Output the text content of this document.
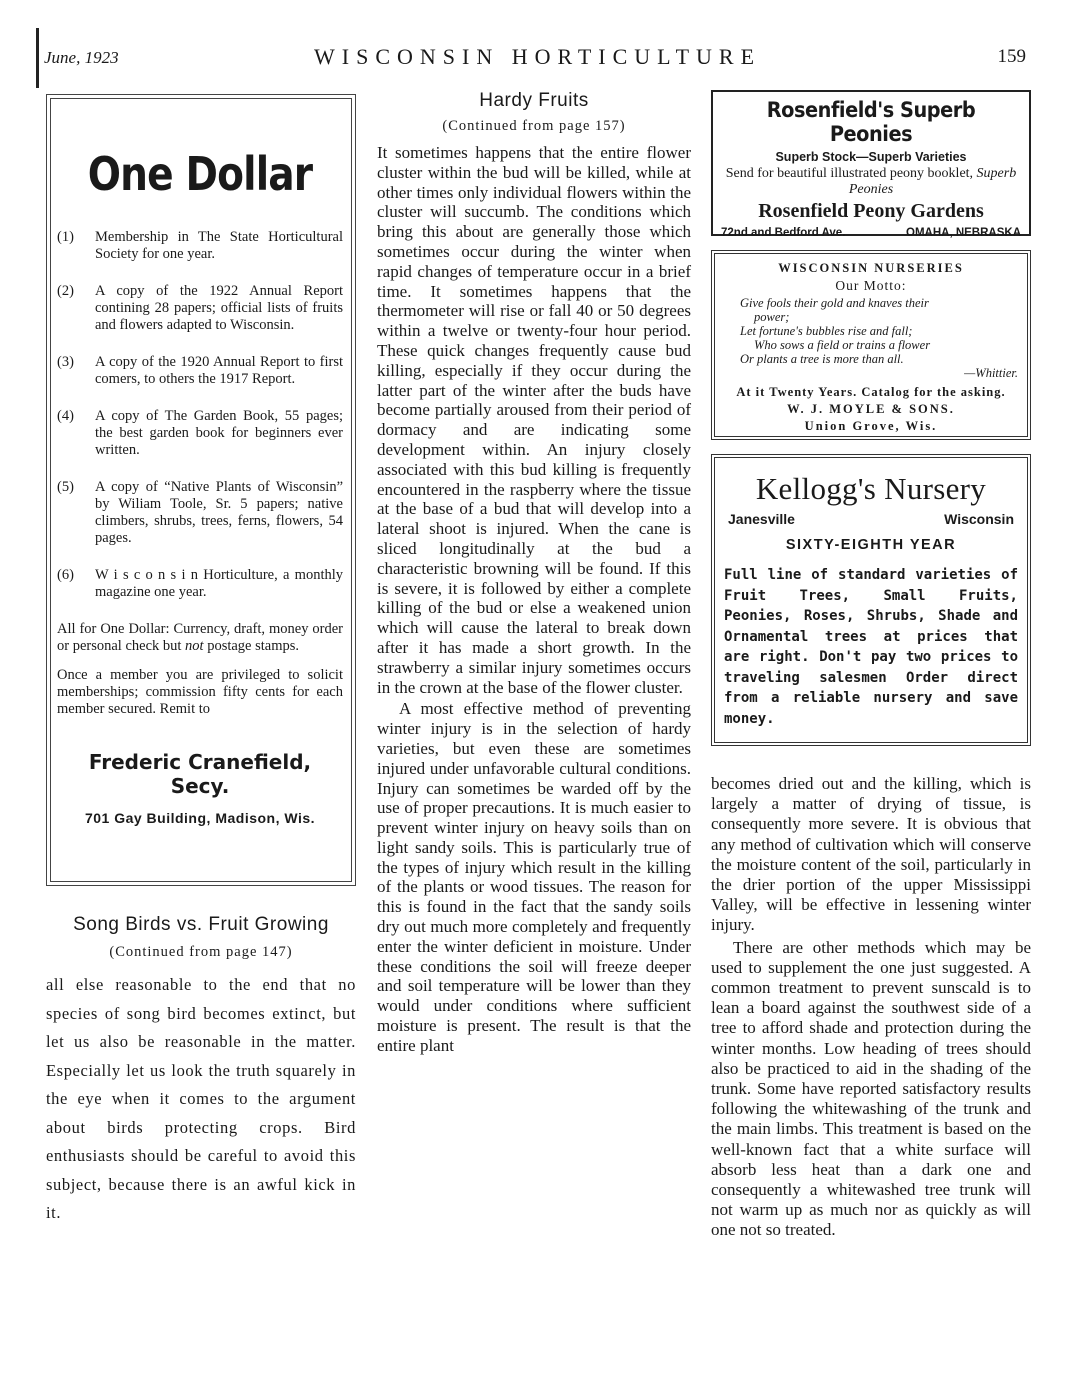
June, 1923	WISCONSIN HORTICULTURE	159
One Dollar
(1)	Membership in The State Horticultural Society for one year.
(2)	A copy of the 1922 Annual Report contining 28 papers; official lists of fruits and flowers adapted to Wisconsin.
(3)	A copy of the 1920 Annual Report to first comers, to others the 1917 Report.
(4)	A copy of The Garden Book, 55 pages; the best garden book for beginners ever written.
(5)	A copy of “Native Plants of Wisconsin” by Wiliam Toole, Sr. 5 papers; native climbers, shrubs, trees, ferns, flowers, 54 pages.
(6)	W i s c o n s i n Horticulture, a monthly magazine one year.

All for One Dollar: Currency, draft, money order or personal check but not postage stamps.

Once a member you are privileged to solicit memberships; commission fifty cents for each member secured. Remit to

Frederic Cranefield, Secy.
701 Gay Building, Madison, Wis.
Song Birds vs. Fruit Growing
(Continued from page 147)
all else reasonable to the end that no species of song bird becomes extinct, but let us also be reasonable in the matter. Especially let us look the truth squarely in the eye when it comes to the argument about birds protecting crops. Bird enthusiasts should be careful to avoid this subject, because there is an awful kick in it.
Hardy Fruits
(Continued from page 157)

It sometimes happens that the entire flower cluster within the bud will be killed, while at other times only individual flowers within the cluster will succumb. The conditions which bring this about are generally those which sometimes occur during the winter when rapid changes of temperature occur in a brief time. It sometimes happens that the thermometer will rise or fall 40 or 50 degrees within a twelve or twenty-four hour period. These quick changes frequently cause bud killing, especially if they occur during the latter part of the winter after the buds have become partially aroused from their period of dormacy and are indicating some development within. An injury closely associated with this bud killing is frequently encountered in the raspberry where the tissue at the base of a bud that will develop into a lateral shoot is injured. When the cane is sliced longitudinally at the bud a characteristic browning will be found. If this is severe, it is followed by either a complete killing of the bud or else a weakened union which will cause the lateral to break down after it has made a short growth. In the strawberry a similar injury sometimes occurs in the crown at the base of the flower cluster.

A most effective method of preventing winter injury is in the selection of hardy varieties, but even these are sometimes injured under unfavorable cultural conditions. Injury can sometimes be warded off by the use of proper precautions. It is much easier to prevent winter injury on heavy soils than on light sandy soils. This is particularly true of the types of injury which result in the killing of the plants or wood tissues. The reason for this is found in the fact that the sandy soils dry out much more completely and frequently enter the winter deficient in moisture. Under these conditions the soil will freeze deeper and soil temperature will be lower than they would under conditions where sufficient moisture is present. The result is that the entire plant

Rosenfield's Superb Peonies
Superb Stock—Superb Varieties
Send for beautiful illustrated peony booklet, Superb Peonies
Rosenfield Peony Gardens
72nd and Bedford Ave.	OMAHA, NEBRASKA
WISCONSIN NURSERIES
Our Motto:
Give fools their gold and knaves their
power;
Let fortune's bubbles rise and fall;
Who sows a field or trains a flower
Or plants a tree is more than all.
—Whittier.
At it Twenty Years. Catalog for the asking.
W. J. MOYLE & SONS.
Union Grove, Wis.
Kellogg's Nursery
Janesville	Wisconsin
SIXTY-EIGHTH YEAR
Full line of standard varieties of Fruit Trees, Small Fruits, Peonies, Roses, Shrubs, Shade and Ornamental trees at prices that are right. Don't pay two prices to traveling salesmen Order direct from a reliable nursery and save money.

becomes dried out and the killing, which is largely a matter of drying of tissue, is consequently more severe. It is obvious that any method of cultivation which will conserve the moisture content of the soil, particularly in the drier portion of the upper Mississippi Valley, will be effective in lessening winter injury.

There are other methods which may be used to supplement the one just suggested. A common treatment to prevent sunscald is to lean a board against the southwest side of a tree to afford shade and protection during the winter months. Low heading of trees should also be practiced to aid in the shading of the trunk. Some have reported satisfactory results following the whitewashing of the trunk and the main limbs. This treatment is based on the well-known fact that a white surface will absorb less heat than a dark one and consequently a whitewashed tree trunk will not warm up as much nor as quickly as will one not so treated.
